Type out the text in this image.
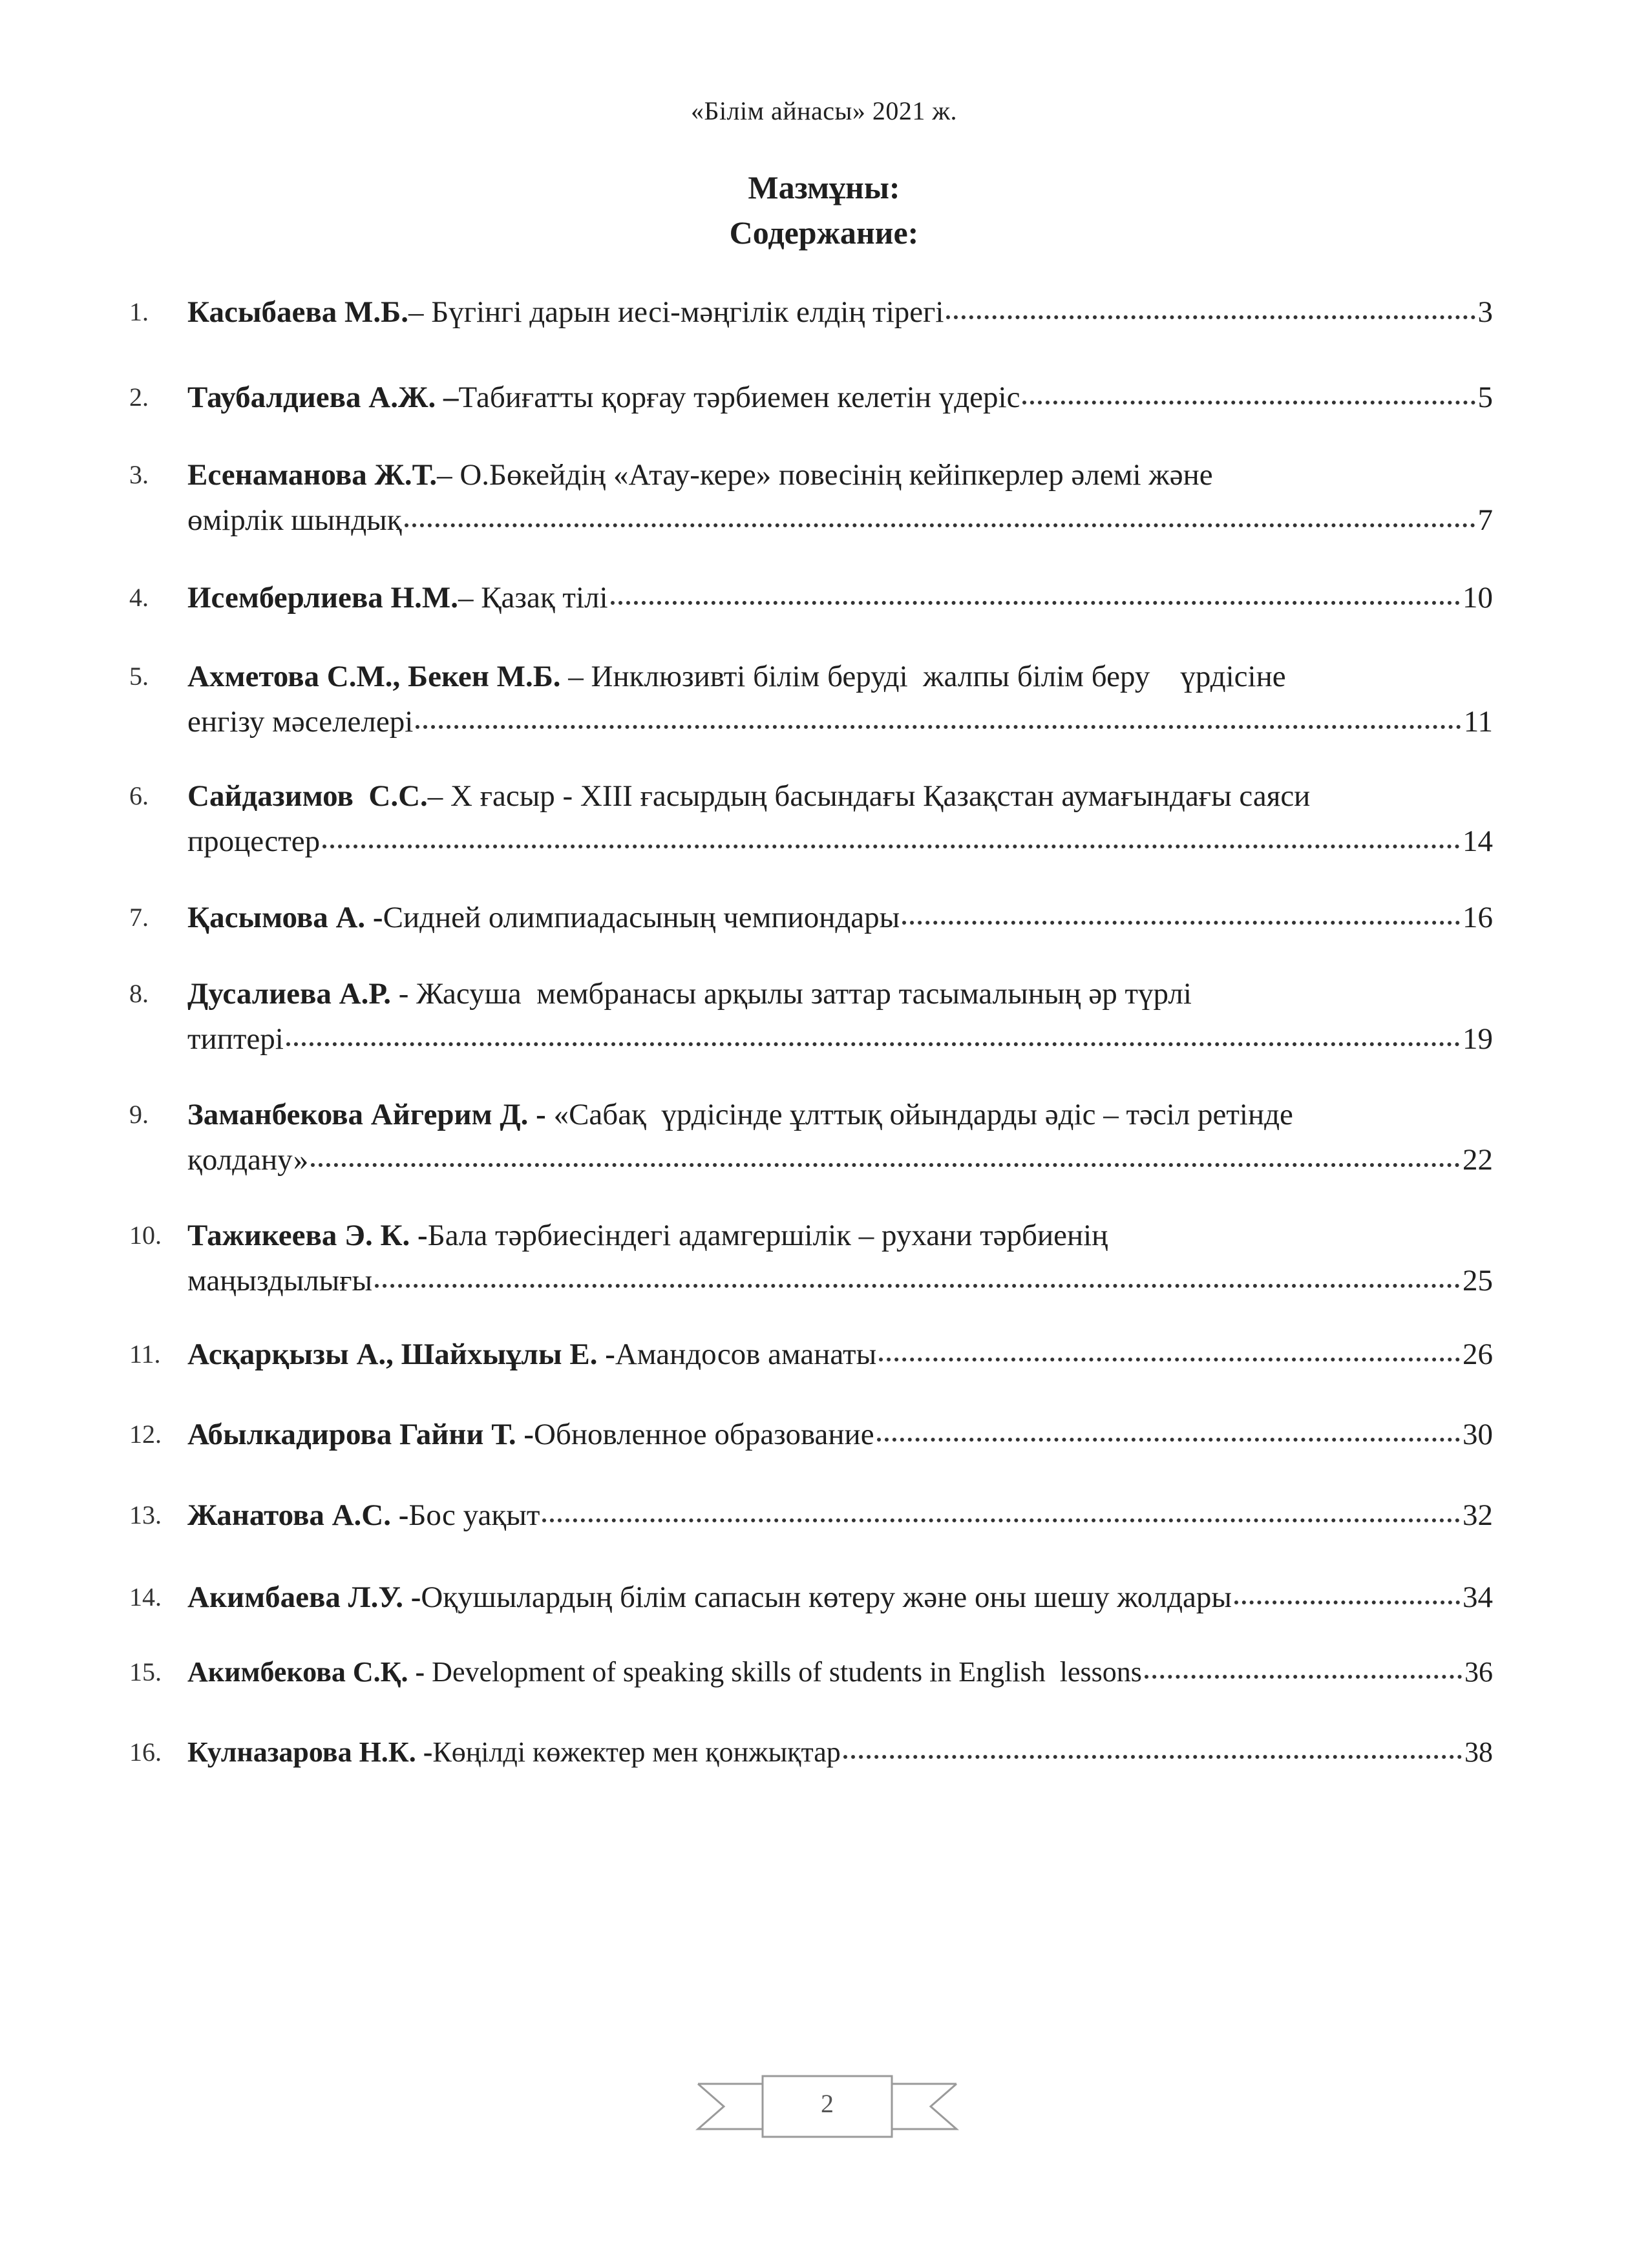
«Білім айнасы» 2021 ж.
Мазмұны:
Содержание:
1.	Касыбаева М.Б. – Бүгінгі дарын иесі-мәңгілік елдің тірегі	3
2.	Таубалдиева А.Ж. – Табиғатты қорғау тәрбиемен келетін үдеріс	5
3.	Есенаманова Ж.Т. – О.Бөкейдің «Атау-кере» повесінің кейіпкерлер әлемі және
өмірлік шындық	7
4.	Исемберлиева Н.М. – Қазақ тілі	10
5.	Ахметова С.М., Бекен М.Б. – Инклюзивті білім беруді  жалпы білім беру    үрдісіне
енгізу мәселелері	11
6.	Сайдазимов  С.С. – Х ғасыр - XIII ғасырдың басындағы Қазақстан аумағындағы саяси
процестер	14
7.	Қасымова А. - Сидней олимпиадасының чемпиондары	16
8.	Дусалиева А.Р. - Жасуша  мембранасы арқылы заттар тасымалының әр түрлі
типтері	19
9.	Заманбекова Айгерим Д. - «Сабақ  үрдісінде ұлттық ойындарды әдіс – тәсіл ретінде
қолдану»	22
10. Тажикеева Э. К. - Бала тәрбиесіндегі адамгершілік – рухани тәрбиенің
маңыздылығы	25
11. Асқарқызы А., Шайхыұлы Е. - Амандосов аманаты	26
12. Абылкадирова Гайни Т. - Обновленное образование	30
13. Жанатова А.С. - Бос уақыт	32
14. Акимбаева Л.У. - Оқушылардың білім сапасын көтеру және оны шешу жолдары	34
15. Акимбекова С.Қ. - Development of speaking skills of students in English  lessons	36
16. Кулназарова Н.К. - Көңілді көжектер мен қонжықтар	38
2
